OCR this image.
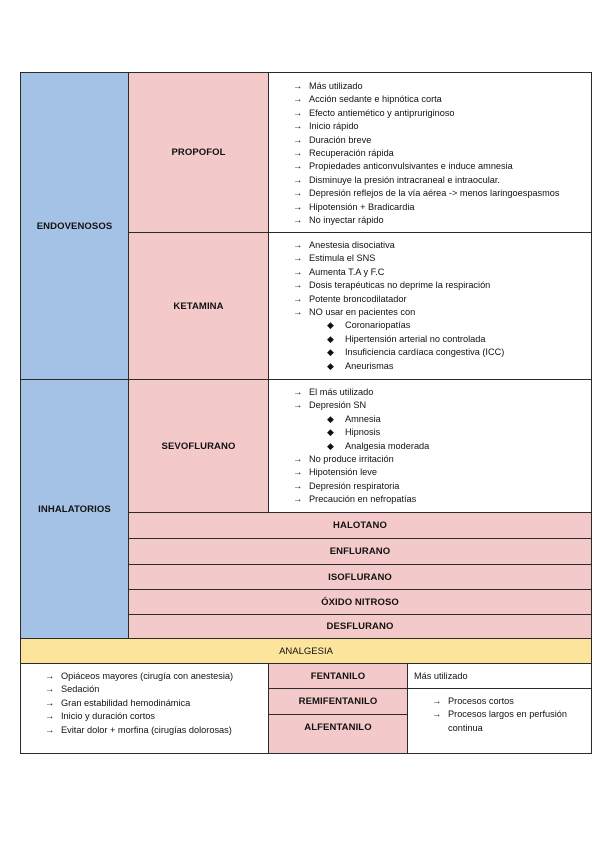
ENDOVENOSOS
PROPOFOL
→ Más utilizado
→ Acción sedante e hipnótica corta
→ Efecto antiemético y antipruriginoso
→ Inicio rápido
→ Duración breve
→ Recuperación rápida
→ Propiedades anticonvulsivantes e induce amnesia
→ Disminuye la presión intracraneal e intraocular.
→ Depresión reflejos de la vía aérea -> menos laringoespasmos
→ Hipotensión + Bradicardia
→ No inyectar rápido
KETAMINA
→ Anestesia disociativa
→ Estimula el SNS
→ Aumenta T.A y F.C
→ Dosis terapéuticas no deprime la respiración
→ Potente broncodilatador
→ NO usar en pacientes con
◆ Coronariopatías
◆ Hipertensión arterial no controlada
◆ Insuficiencia cardíaca congestiva (ICC)
◆ Aneurismas
INHALATORIOS
SEVOFLURANO
→ El más utilizado
→ Depresión SN
◆ Amnesia
◆ Hipnosis
◆ Analgesia moderada
→ No produce irritación
→ Hipotensión leve
→ Depresión respiratoria
→ Precaución en nefropatías
HALOTANO
ENFLURANO
ISOFLURANO
ÓXIDO NITROSO
DESFLURANO
ANALGESIA
→ Opiáceos mayores (cirugía con anestesia)
→ Sedación
→ Gran estabilidad hemodinámica
→ Inicio y duración cortos
→ Evitar dolor + morfina (cirugías dolorosas)
FENTANILO
REMIFENTANILO
ALFENTANILO
Más utilizado
→ Procesos cortos
→ Procesos largos en perfusión continua
